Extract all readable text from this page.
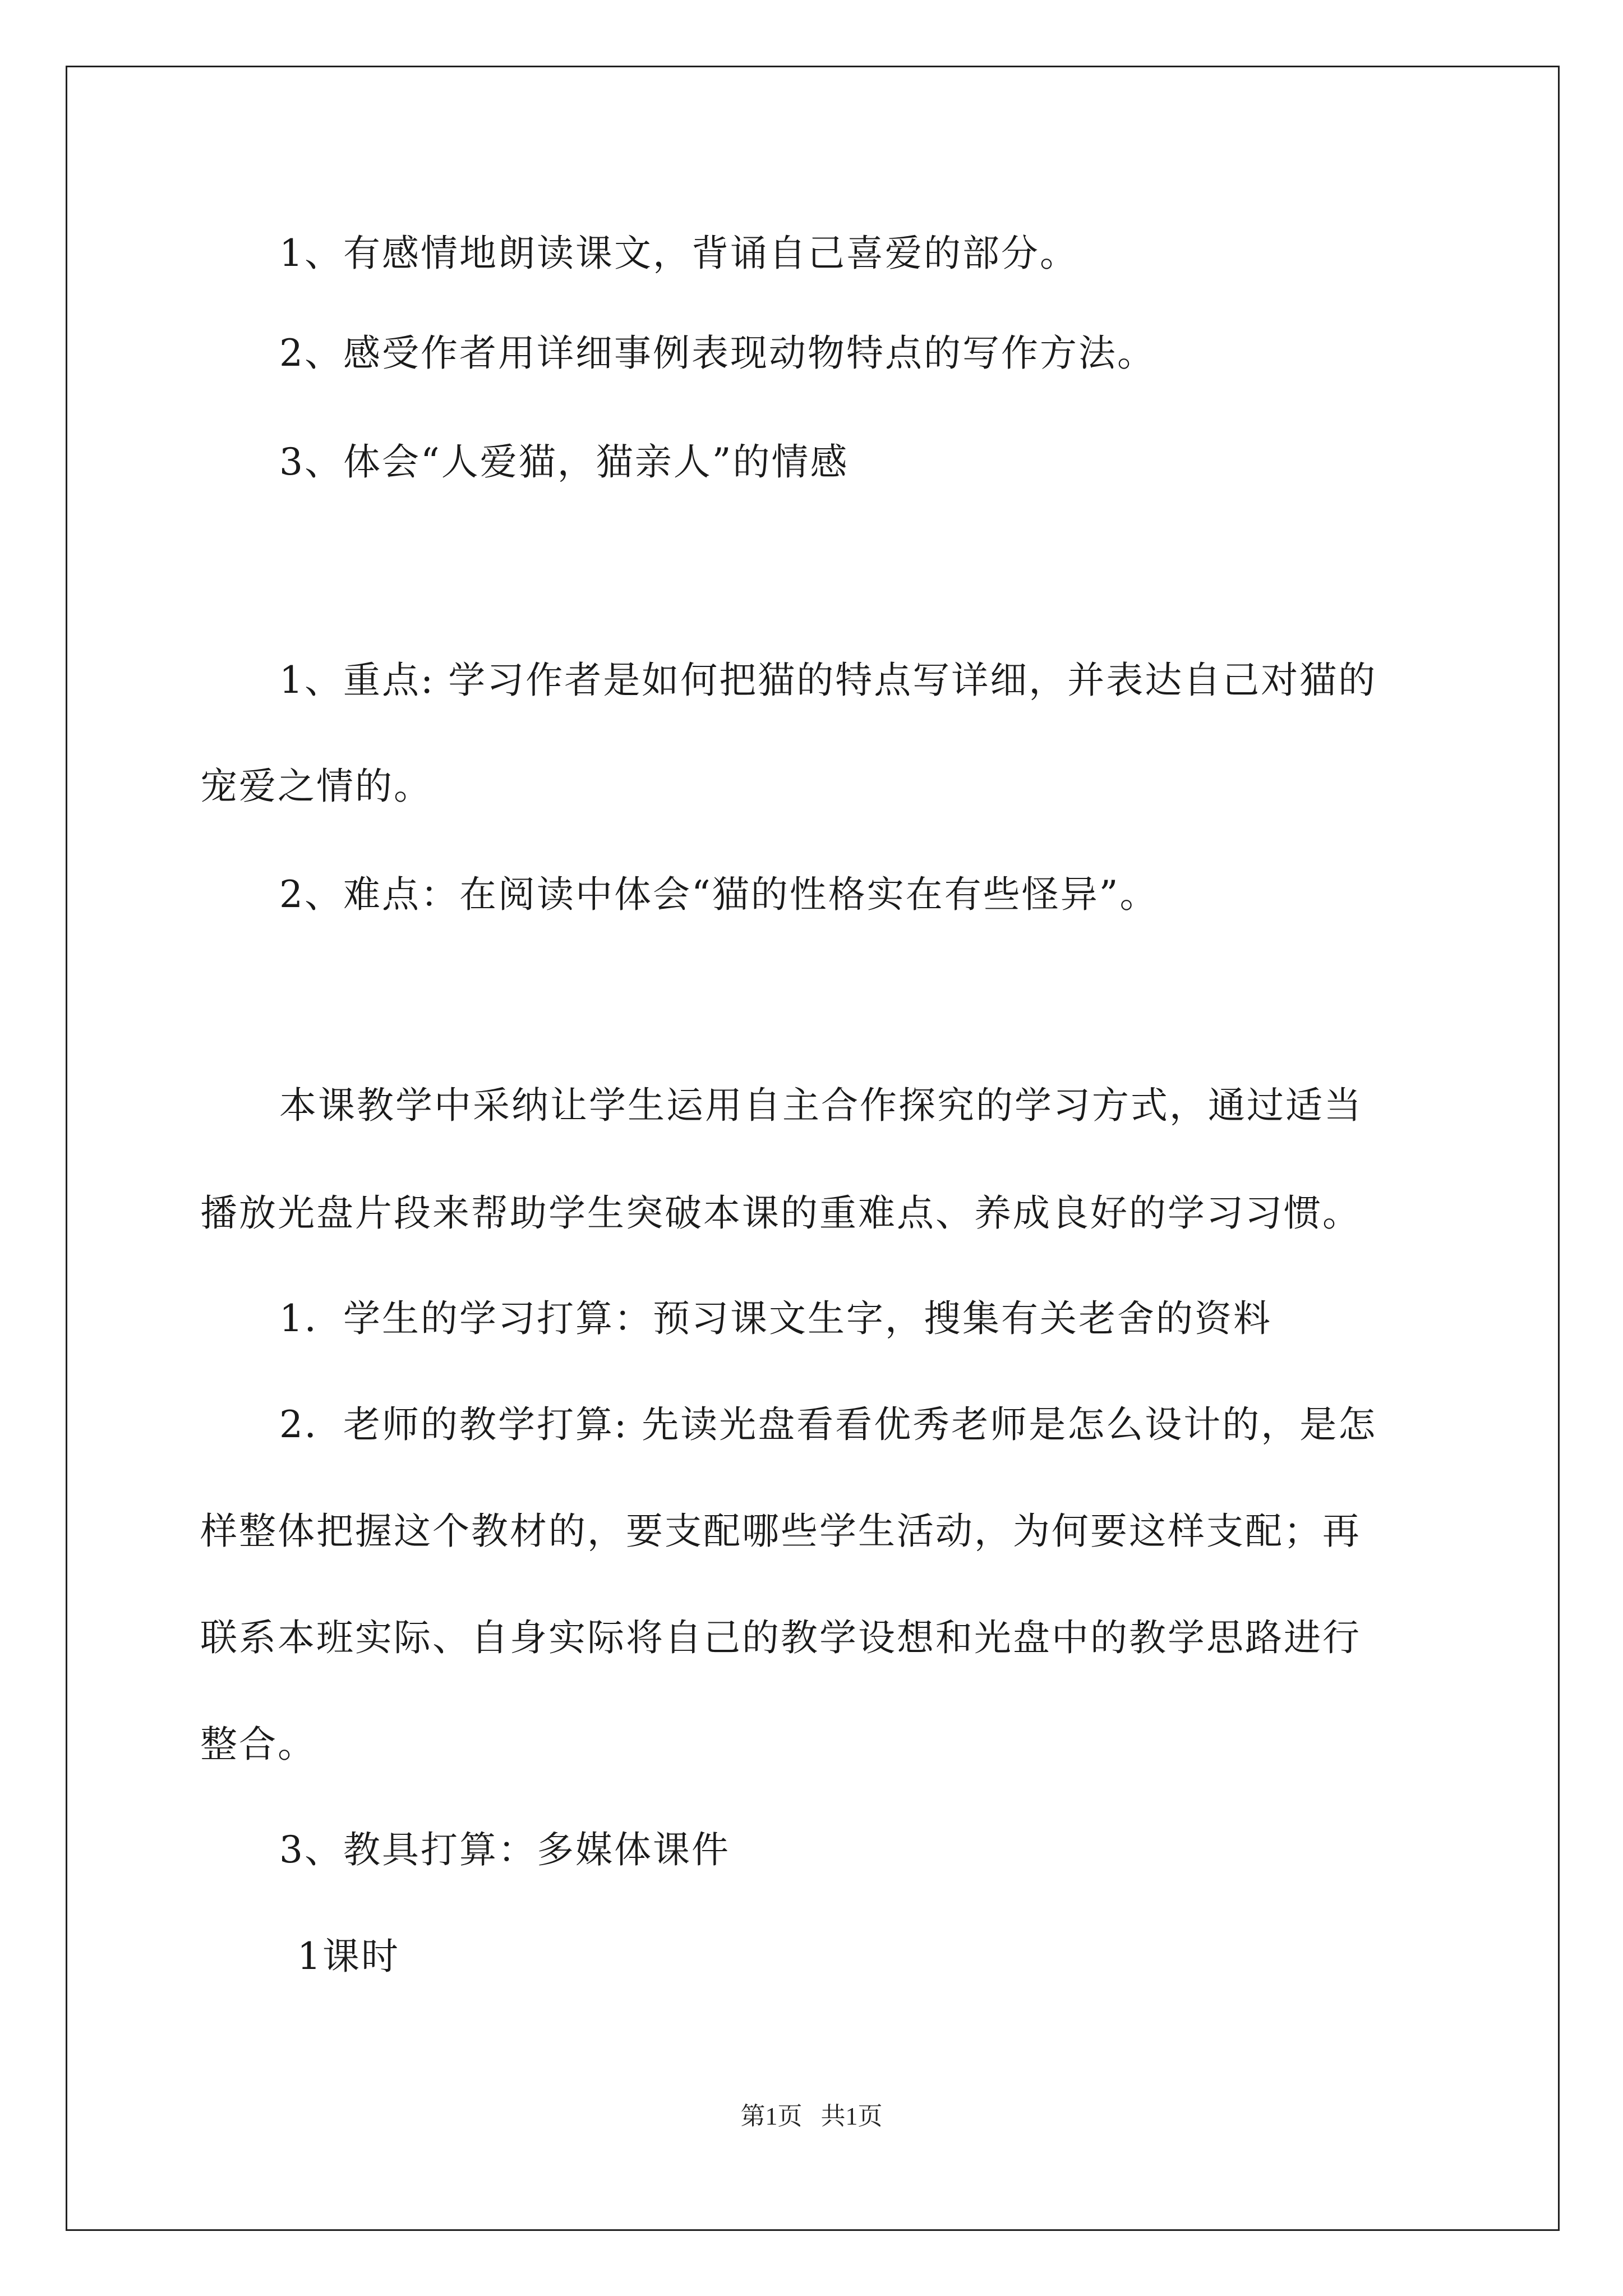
1、有感情地朗读课文，背诵自己喜爱的部分。
2、感受作者用详细事例表现动物特点的写作方法。
3、体会“人爱猫，猫亲人”的情感
1、重点: 学习作者是如何把猫的特点写详细，并表达自己对猫的
宠爱之情的。
2、难点：在阅读中体会“猫的性格实在有些怪异”。
本课教学中采纳让学生运用自主合作探究的学习方式，通过适当
播放光盘片段来帮助学生突破本课的重难点、养成良好的学习习惯。
1．学生的学习打算：预习课文生字，搜集有关老舍的资料
2．老师的教学打算: 先读光盘看看优秀老师是怎么设计的，是怎
样整体把握这个教材的，要支配哪些学生活动，为何要这样支配；再
联系本班实际、自身实际将自己的教学设想和光盘中的教学思路进行
整合。
3、教具打算：多媒体课件
1课时
第1页   共1页
